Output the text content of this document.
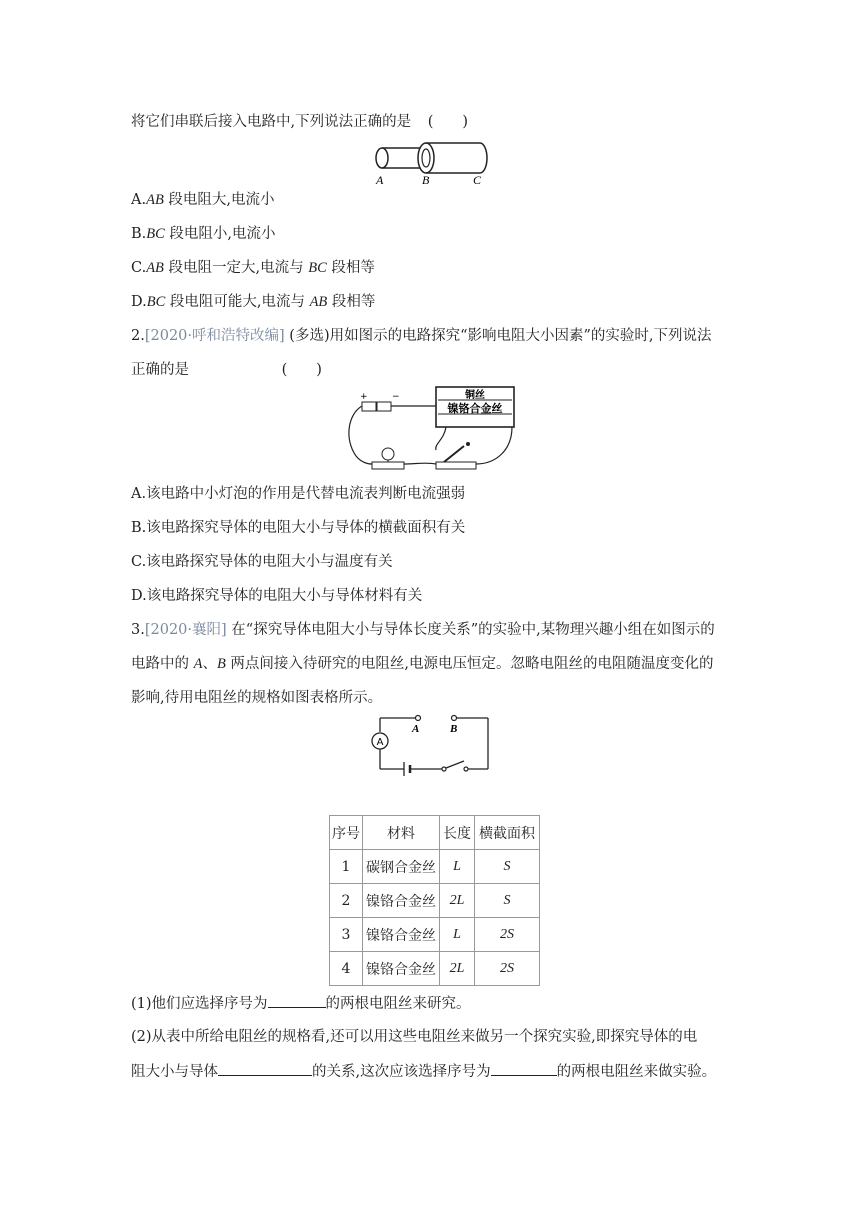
将它们串联后接入电路中,下列说法正确的是 (　　)
A	B	C
A.AB 段电阻大,电流小
B.BC 段电阻小,电流小
C.AB 段电阻一定大,电流与 BC 段相等
D.BC 段电阻可能大,电流与 AB 段相等
2.[2020·呼和浩特改编] (多选)用如图示的电路探究“影响电阻大小因素”的实验时,下列说法
正确的是	(　　)
+	−	铜丝
镍铬合金丝
A.该电路中小灯泡的作用是代替电流表判断电流强弱
B.该电路探究导体的电阻大小与导体的横截面积有关
C.该电路探究导体的电阻大小与温度有关
D.该电路探究导体的电阻大小与导体材料有关
3.[2020·襄阳] 在“探究导体电阻大小与导体长度关系”的实验中,某物理兴趣小组在如图示的
电路中的 A、B 两点间接入待研究的电阻丝,电源电压恒定。忽略电阻丝的电阻随温度变化的
影响,待用电阻丝的规格如图表格所示。
A	B
A
序号	材料	长度	横截面积
1	碳钢合金丝	L	S
2	镍铬合金丝	2L	S
3	镍铬合金丝	L	2S
4	镍铬合金丝	2L	2S
(1)他们应选择序号为	的两根电阻丝来研究。
(2)从表中所给电阻丝的规格看,还可以用这些电阻丝来做另一个探究实验,即探究导体的电
阻大小与导体	的关系,这次应该选择序号为	的两根电阻丝来做实验。
